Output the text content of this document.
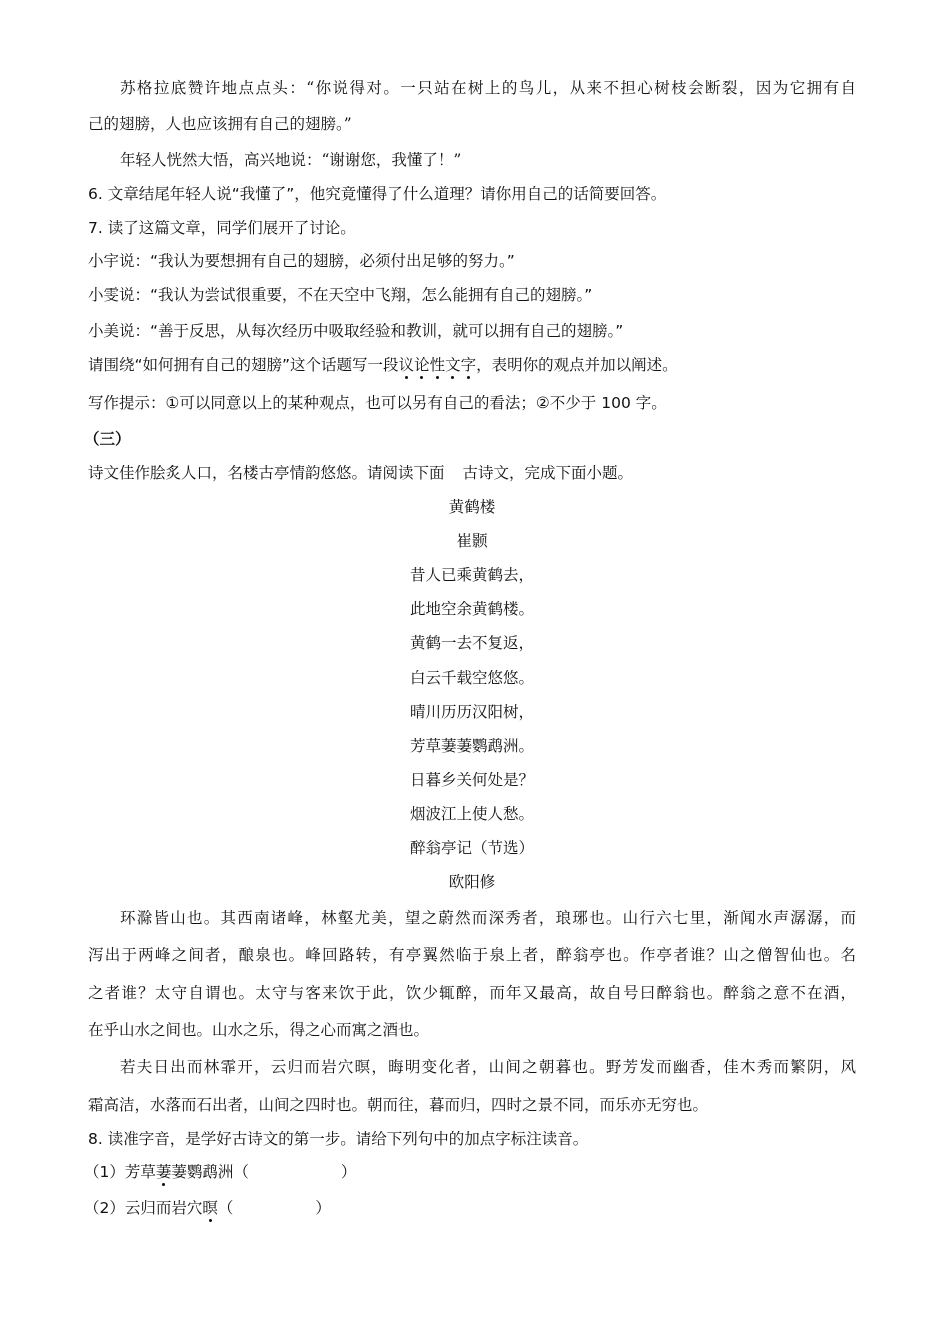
苏格拉底赞许地点点头：“你说得对。一只站在树上的鸟儿，从来不担心树枝会断裂，因为它拥有自
己的翅膀，人也应该拥有自己的翅膀。”
年轻人恍然大悟，高兴地说：“谢谢您，我懂了！”
6. 文章结尾年轻人说“我懂了”，他究竟懂得了什么道理？请你用自己的话简要回答。
7. 读了这篇文章，同学们展开了讨论。
小宇说：“我认为要想拥有自己的翅膀，必须付出足够的努力。”
小雯说：“我认为尝试很重要，不在天空中飞翔，怎么能拥有自己的翅膀。”
小美说：“善于反思，从每次经历中吸取经验和教训，就可以拥有自己的翅膀。”
请围绕“如何拥有自己的翅膀”这个话题写一段议论性文字，表明你的观点并加以阐述。
写作提示：①可以同意以上的某种观点，也可以另有自己的看法；②不少于 100 字。
（三）
诗文佳作脍炙人口，名楼古亭情韵悠悠。请阅读下面 古诗文，完成下面小题。
黄鹤楼
崔颢
昔人已乘黄鹤去，
此地空余黄鹤楼。
黄鹤一去不复返，
白云千载空悠悠。
晴川历历汉阳树，
芳草萋萋鹦鹉洲。
日暮乡关何处是？
烟波江上使人愁。
醉翁亭记（节选）
欧阳修
环滁皆山也。其西南诸峰，林壑尤美，望之蔚然而深秀者，琅琊也。山行六七里，渐闻水声潺潺，而
泻出于两峰之间者，酿泉也。峰回路转，有亭翼然临于泉上者，醉翁亭也。作亭者谁？山之僧智仙也。名
之者谁？太守自谓也。太守与客来饮于此，饮少辄醉，而年又最高，故自号曰醉翁也。醉翁之意不在酒，
在乎山水之间也。山水之乐，得之心而寓之酒也。
若夫日出而林霏开，云归而岩穴暝，晦明变化者，山间之朝暮也。野芳发而幽香，佳木秀而繁阴，风
霜高洁，水落而石出者，山间之四时也。朝而往，暮而归，四时之景不同，而乐亦无穷也。
8. 读准字音，是学好古诗文的第一步。请给下列句中的加点字标注读音。
（1）芳草萋萋鹦鹉洲（	）
（2）云归而岩穴暝（	）
